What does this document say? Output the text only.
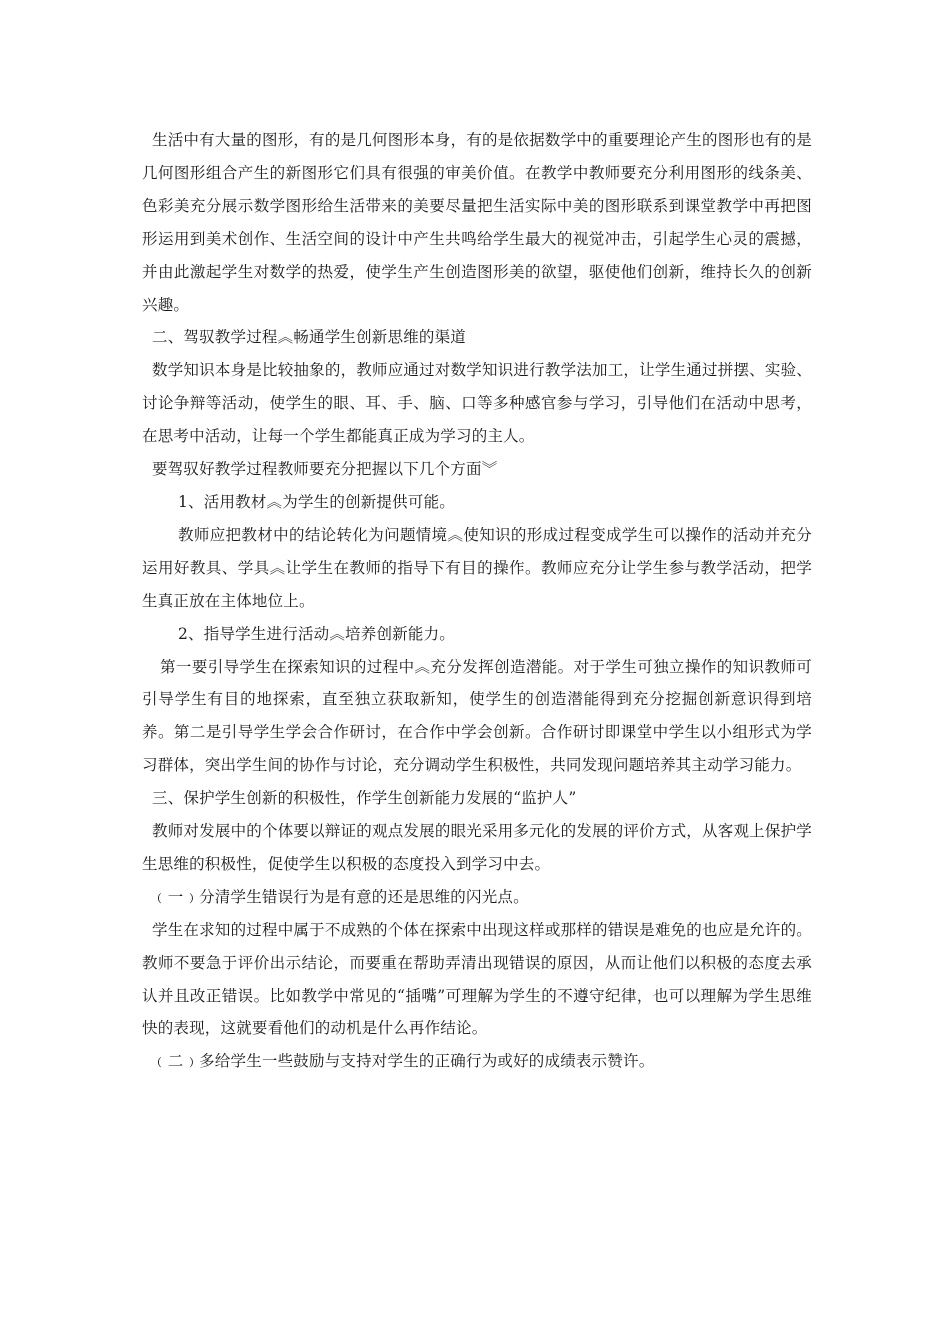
生活中有大量的图形，有的是几何图形本身，有的是依据数学中的重要理论产生的图形也有的是几何图形组合产生的新图形它们具有很强的审美价值。在教学中教师要充分利用图形的线条美、色彩美充分展示数学图形给生活带来的美要尽量把生活实际中美的图形联系到课堂教学中再把图形运用到美术创作、生活空间的设计中产生共鸣给学生最大的视觉冲击，引起学生心灵的震撼，并由此激起学生对数学的热爱，使学生产生创造图形美的欲望，驱使他们创新，维持长久的创新兴趣。

二、驾驭教学过程︽畅通学生创新思维的渠道

数学知识本身是比较抽象的，教师应通过对数学知识进行教学法加工，让学生通过拼摆、实验、讨论争辩等活动，使学生的眼、耳、手、脑、口等多种感官参与学习，引导他们在活动中思考，在思考中活动，让每一个学生都能真正成为学习的主人。

要驾驭好教学过程教师要充分把握以下几个方面︾

1、活用教材︽为学生的创新提供可能。

教师应把教材中的结论转化为问题情境︽使知识的形成过程变成学生可以操作的活动并充分运用好教具、学具︽让学生在教师的指导下有目的操作。教师应充分让学生参与教学活动，把学生真正放在主体地位上。

2、指导学生进行活动︽培养创新能力。

第一要引导学生在探索知识的过程中︽充分发挥创造潜能。对于学生可独立操作的知识教师可引导学生有目的地探索，直至独立获取新知，使学生的创造潜能得到充分挖掘创新意识得到培养。第二是引导学生学会合作研讨，在合作中学会创新。合作研讨即课堂中学生以小组形式为学习群体，突出学生间的协作与讨论，充分调动学生积极性，共同发现问题培养其主动学习能力。

三、保护学生创新的积极性，作学生创新能力发展的“监护人”

教师对发展中的个体要以辩证的观点发展的眼光采用多元化的发展的评价方式，从客观上保护学生思维的积极性，促使学生以积极的态度投入到学习中去。

﹙一﹚分清学生错误行为是有意的还是思维的闪光点。

学生在求知的过程中属于不成熟的个体在探索中出现这样或那样的错误是难免的也应是允许的。教师不要急于评价出示结论，而要重在帮助弄清出现错误的原因，从而让他们以积极的态度去承认并且改正错误。比如教学中常见的“插嘴”可理解为学生的不遵守纪律，也可以理解为学生思维快的表现，这就要看他们的动机是什么再作结论。

﹙二﹚多给学生一些鼓励与支持对学生的正确行为或好的成绩表示赞许。
